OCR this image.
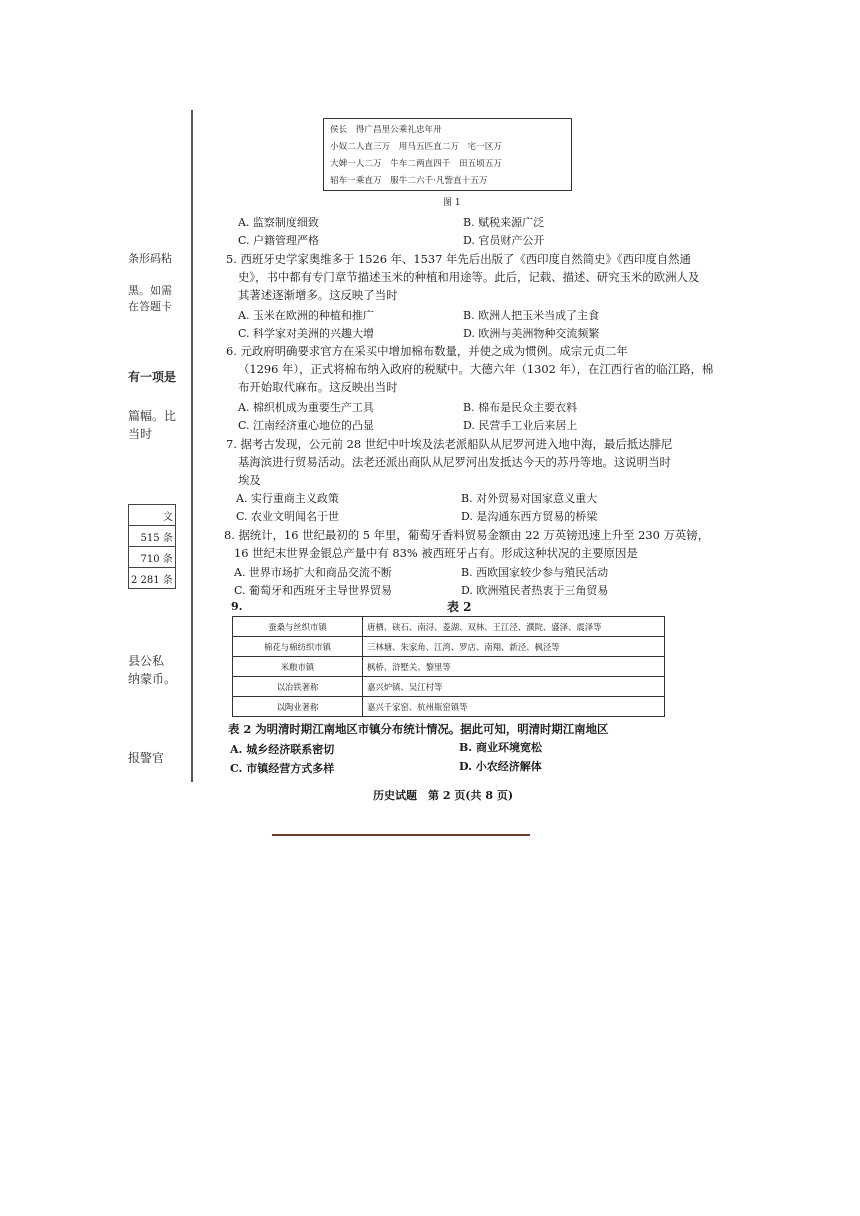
条形码粘
黑。如需
在答题卡
有一项是
篇幅。比
当时
文
515 条
710 条
2 281 条
县公私
纳蒙币。
报警官
侯长　得广昌里公乘礼忠年卅
小奴二人直三万　用马五匹直二万　宅一区万
大婢一人二万　牛车二两直四千　田五顷五万
轺车一乘直万　服牛二六千·凡訾直十五万
图 1
A. 监察制度细致	B. 赋税来源广泛
C. 户籍管理严格	D. 官员财产公开
5. 西班牙史学家奥维多于 1526 年、1537 年先后出版了《西印度自然简史》《西印度自然通
史》，书中都有专门章节描述玉米的种植和用途等。此后，记载、描述、研究玉米的欧洲人及
其著述逐渐增多。这反映了当时
A. 玉米在欧洲的种植和推广	B. 欧洲人把玉米当成了主食
C. 科学家对美洲的兴趣大增	D. 欧洲与美洲物种交流频繁
6. 元政府明确要求官方在采买中增加棉布数量，并使之成为惯例。成宗元贞二年
（1296 年），正式将棉布纳入政府的税赋中。大德六年（1302 年），在江西行省的临江路，棉
布开始取代麻布。这反映出当时
A. 棉织机成为重要生产工具	B. 棉布是民众主要衣料
C. 江南经济重心地位的凸显	D. 民营手工业后来居上
7. 据考古发现，公元前 28 世纪中叶埃及法老派船队从尼罗河进入地中海，最后抵达腓尼
基海滨进行贸易活动。法老还派出商队从尼罗河出发抵达今天的苏丹等地。这说明当时
埃及
A. 实行重商主义政策	B. 对外贸易对国家意义重大
C. 农业文明闻名于世	D. 是沟通东西方贸易的桥梁
8. 据统计，16 世纪最初的 5 年里，葡萄牙香料贸易金额由 22 万英镑迅速上升至 230 万英镑，
16 世纪末世界金银总产量中有 83% 被西班牙占有。形成这种状况的主要原因是
A. 世界市场扩大和商品交流不断	B. 西欧国家较少参与殖民活动
C. 葡萄牙和西班牙主导世界贸易	D. 欧洲殖民者热衷于三角贸易
9.	表 2
蚕桑与丝织市镇	唐栖、硖石、南浔、菱湖、双林、王江泾、濮院、盛泽、震泽等
棉花与棉纺织市镇	三林塘、朱家角、江湾、罗店、南翔、新泾、枫泾等
米粮市镇	枫桥、浒墅关、黎里等
以冶铁著称	嘉兴炉镇、吴江村等
以陶业著称	嘉兴千家窑、杭州瓶窑镇等
表 2 为明清时期江南地区市镇分布统计情况。据此可知，明清时期江南地区
A. 城乡经济联系密切	B. 商业环境宽松
C. 市镇经营方式多样	D. 小农经济解体
历史试题　第 2 页(共 8 页)
